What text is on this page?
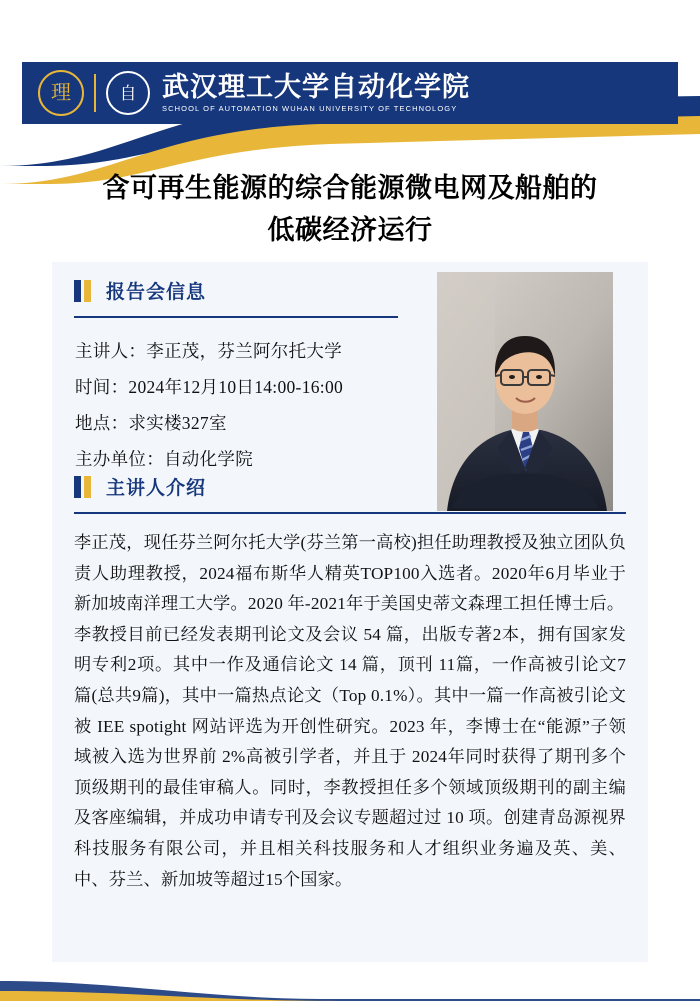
理	自 武汉理工大学自动化学院
SCHOOL OF AUTOMATION WUHAN UNIVERSITY OF TECHNOLOGY
含可再生能源的综合能源微电网及船舶的
低碳经济运行
报告会信息
主讲人：李正茂，芬兰阿尔托大学
时间：2024年12月10日14:00-16:00
地点：求实楼327室
主办单位：自动化学院
主讲人介绍

李正茂，现任芬兰阿尔托大学(芬兰第一高校)担任助理教授及独立团队负责人助理教授，2024福布斯华人精英TOP100入选者。2020年6月毕业于新加坡南洋理工大学。2020 年-2021年于美国史蒂文森理工担任博士后。

李教授目前已经发表期刊论文及会议 54 篇，出版专著2本，拥有国家发明专利2项。其中一作及通信论文 14 篇，顶刊 11篇，一作高被引论文7篇(总共9篇)，其中一篇热点论文（Top 0.1%）。其中一篇一作高被引论文被 IEE spotight 网站评选为开创性研究。2023 年，李博士在“能源”子领域被入选为世界前 2%高被引学者，并且于 2024年同时获得了期刊多个顶级期刊的最佳审稿人。同时，李教授担任多个领域顶级期刊的副主编及客座编辑，并成功申请专刊及会议专题超过过 10 项。创建青岛源视界科技服务有限公司，并且相关科技服务和人才组织业务遍及英、美、中、芬兰、新加坡等超过15个国家。
